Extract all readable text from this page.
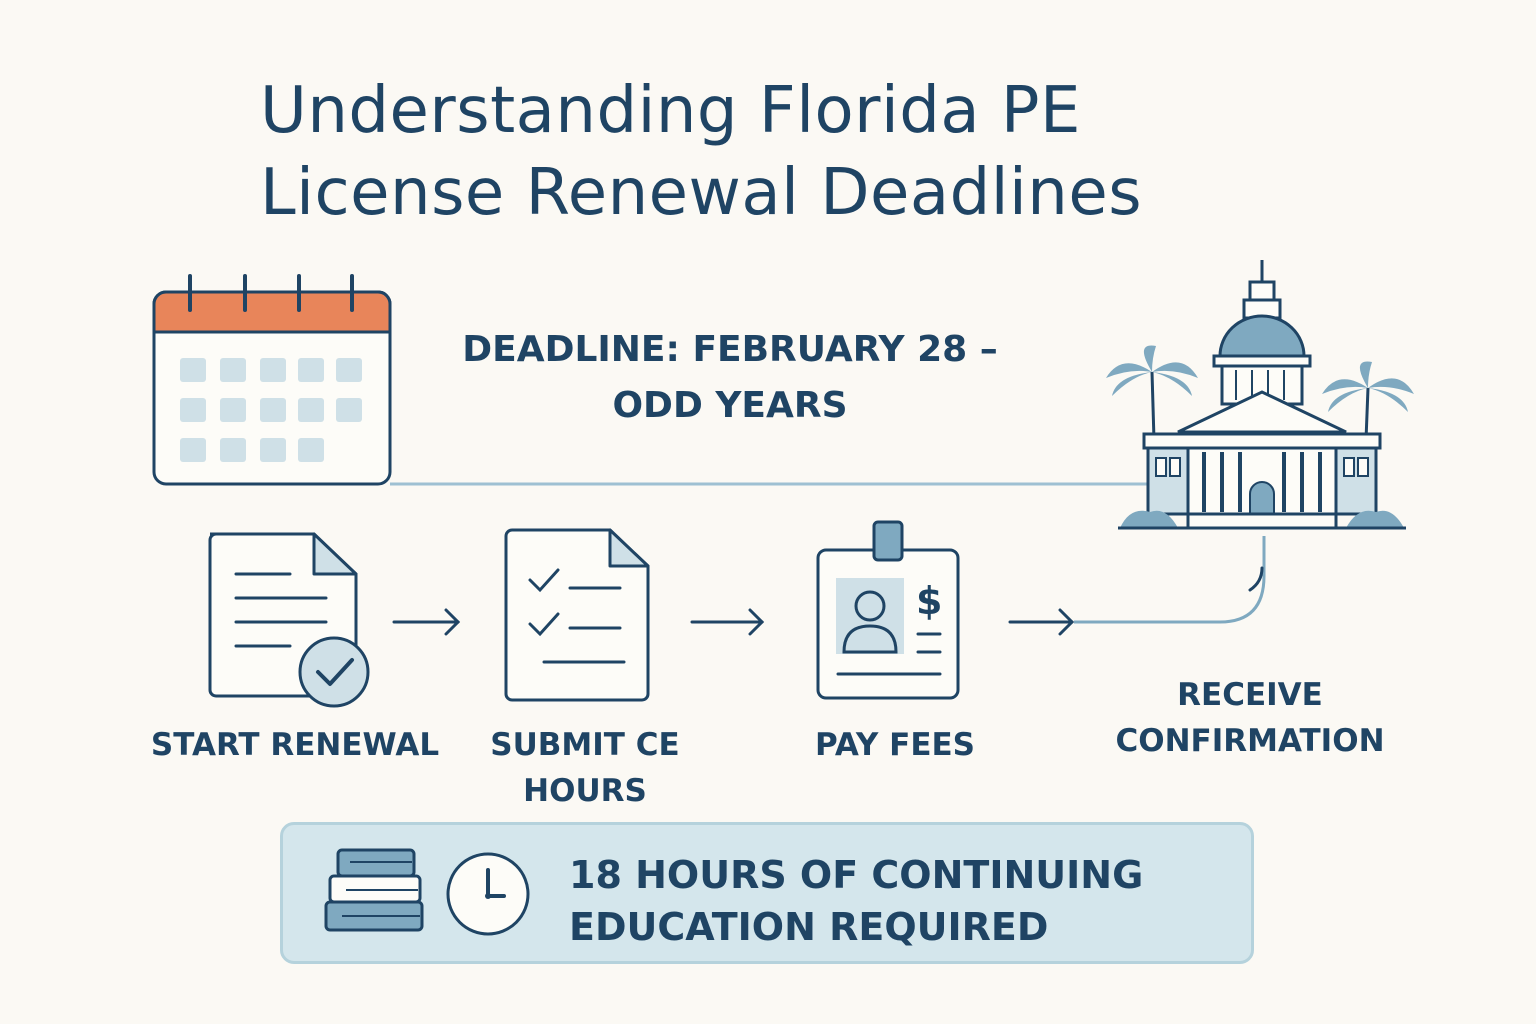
Understanding Florida PE
License Renewal Deadlines
$
18 HOURS OF CONTINUING
EDUCATION REQUIRED
DEADLINE: FEBRUARY 28 –
ODD YEARS
START RENEWAL	SUBMIT CE
HOURS
PAY FEES
RECEIVE
CONFIRMATION
